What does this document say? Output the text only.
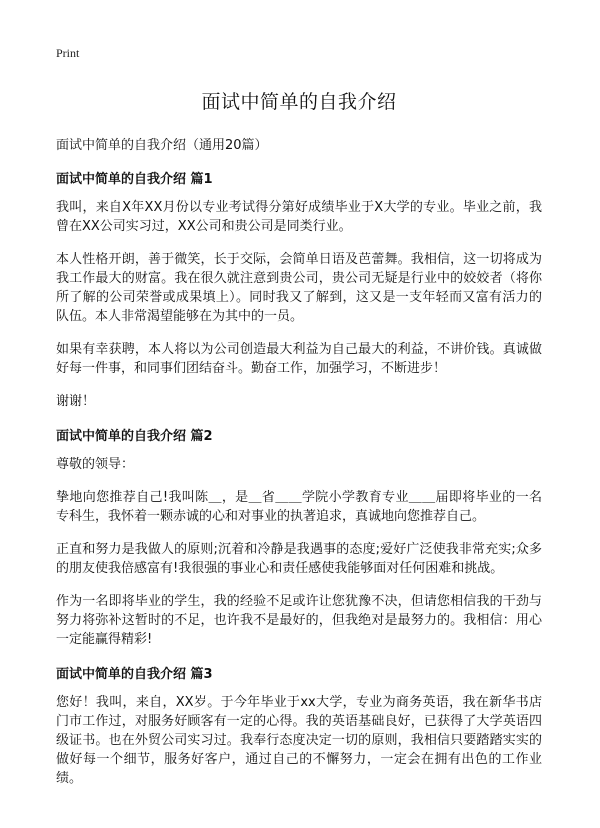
Print
面试中简单的自我介绍

面试中简单的自我介绍（通用20篇）

面试中简单的自我介绍 篇1

我叫，来自X年XX月份以专业考试得分第好成绩毕业于X大学的专业。毕业之前，我曾在XX公司实习过，XX公司和贵公司是同类行业。

本人性格开朗，善于微笑，长于交际，会简单日语及芭蕾舞。我相信，这一切将成为我工作最大的财富。我在很久就注意到贵公司，贵公司无疑是行业中的姣姣者（将你所了解的公司荣誉或成果填上）。同时我又了解到，这又是一支年轻而又富有活力的队伍。本人非常渴望能够在为其中的一员。

如果有幸获聘，本人将以为公司创造最大利益为自己最大的利益，不讲价钱。真诚做好每一件事，和同事们团结奋斗。勤奋工作，加强学习，不断进步！

谢谢！

面试中简单的自我介绍 篇2

尊敬的领导：

挚地向您推荐自己!我叫陈＿，是＿省＿＿学院小学教育专业＿＿届即将毕业的一名专科生，我怀着一颗赤诚的心和对事业的执著追求，真诚地向您推荐自己。

正直和努力是我做人的原则;沉着和冷静是我遇事的态度;爱好广泛使我非常充实;众多的朋友使我倍感富有!我很强的事业心和责任感使我能够面对任何困难和挑战。

作为一名即将毕业的学生，我的经验不足或许让您犹豫不决，但请您相信我的干劲与努力将弥补这暂时的不足，也许我不是最好的，但我绝对是最努力的。我相信：用心一定能赢得精彩!

面试中简单的自我介绍 篇3

您好！我叫，来自，XX岁。于今年毕业于xx大学，专业为商务英语，我在新华书店门市工作过，对服务好顾客有一定的心得。我的英语基础良好，已获得了大学英语四级证书。也在外贸公司实习过。我奉行态度决定一切的原则，我相信只要踏踏实实的做好每一个细节，服务好客户，通过自己的不懈努力，一定会在拥有出色的工作业绩。
